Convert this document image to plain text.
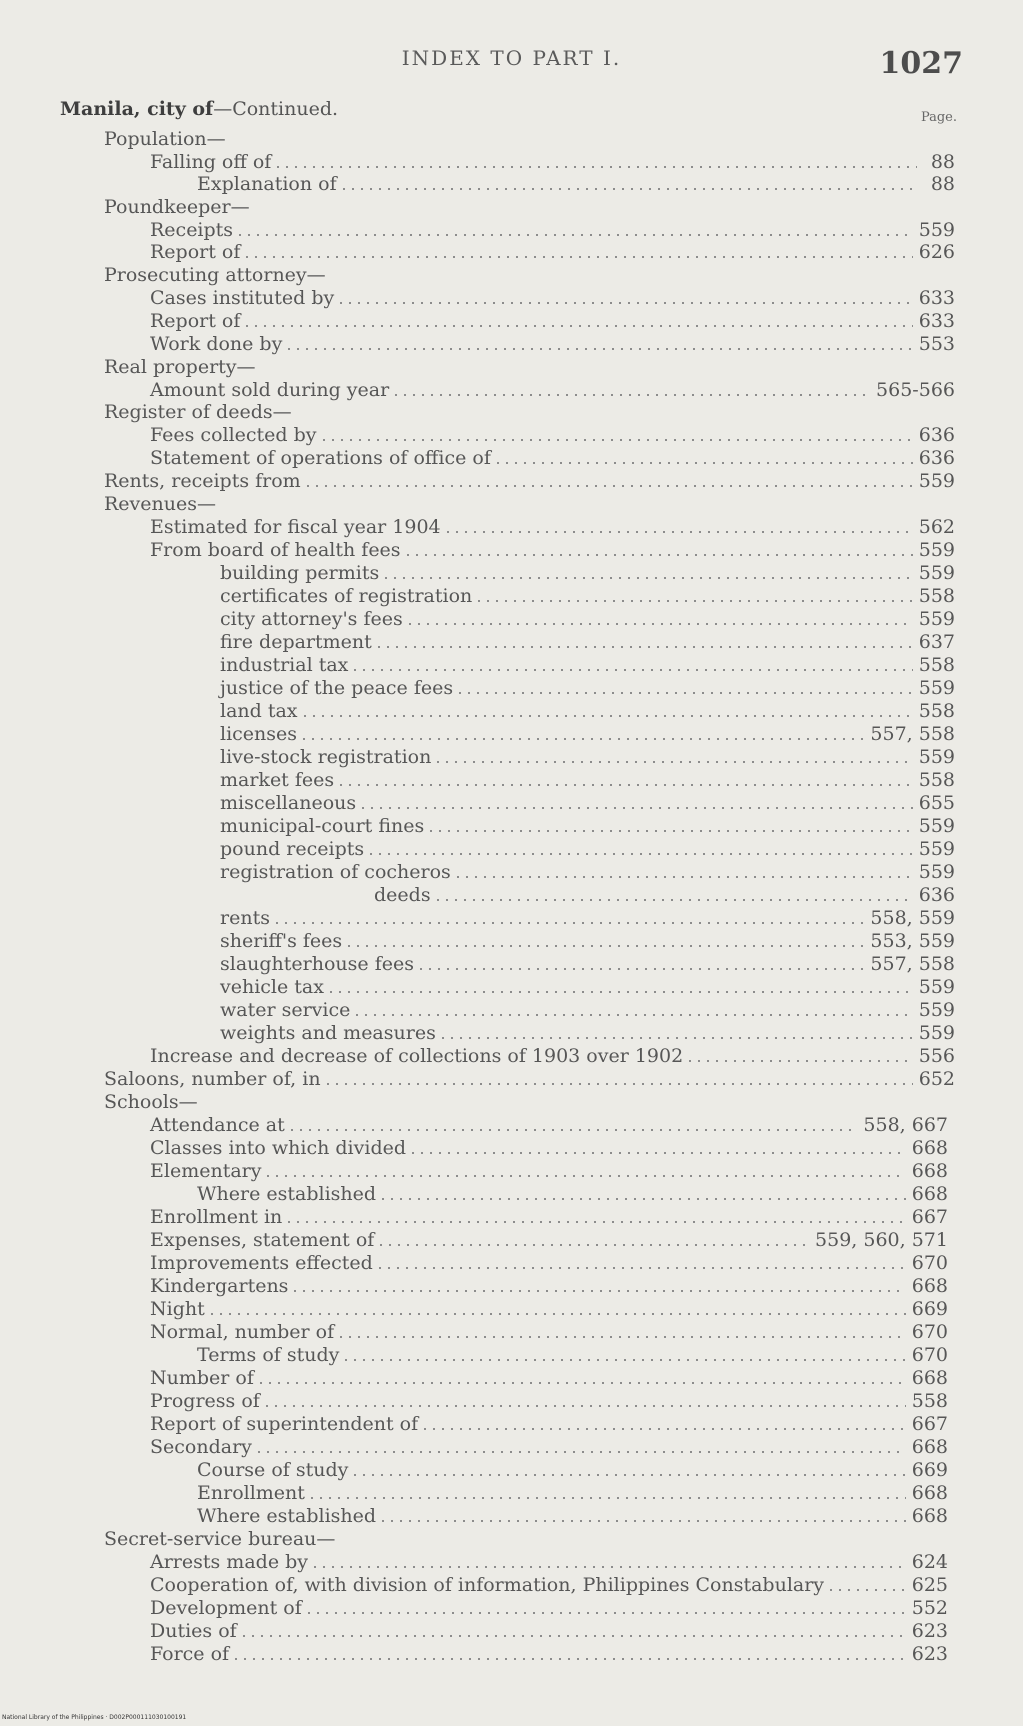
INDEX TO PART I.	1027
Manila, city of—Continued.	Page.
Population—
Falling off of	88
Explanation of	88
Poundkeeper—
Receipts	559
Report of	626
Prosecuting attorney—
Cases instituted by	633
Report of	633
Work done by	553
Real property—
Amount sold during year	565-566
Register of deeds—
Fees collected by	636
Statement of operations of office of	636
Rents, receipts from	559
Revenues—
Estimated for fiscal year 1904	562
From board of health fees	559
building permits	559
certificates of registration	558
city attorney's fees	559
fire department	637
industrial tax	558
justice of the peace fees	559
land tax	558
licenses	557, 558
live-stock registration	559
market fees	558
miscellaneous	655
municipal-court fines	559
pound receipts	559
registration of cocheros	559
deeds	636
rents	558, 559
sheriff's fees	553, 559
slaughterhouse fees	557, 558
vehicle tax	559
water service	559
weights and measures	559
Increase and decrease of collections of 1903 over 1902	556
Saloons, number of, in	652
Schools—
Attendance at	558, 667
Classes into which divided	668
Elementary	668
Where established	668
Enrollment in	667
Expenses, statement of	559, 560, 571
Improvements effected	670
Kindergartens	668
Night	669
Normal, number of	670
Terms of study	670
Number of	668
Progress of	558
Report of superintendent of	667
Secondary	668
Course of study	669
Enrollment	668
Where established	668
Secret-service bureau—
Arrests made by	624
Cooperation of, with division of information, Philippines Constabulary	625
Development of	552
Duties of	623
Force of	623
National Library of the Philippines · D002P000111030100191
